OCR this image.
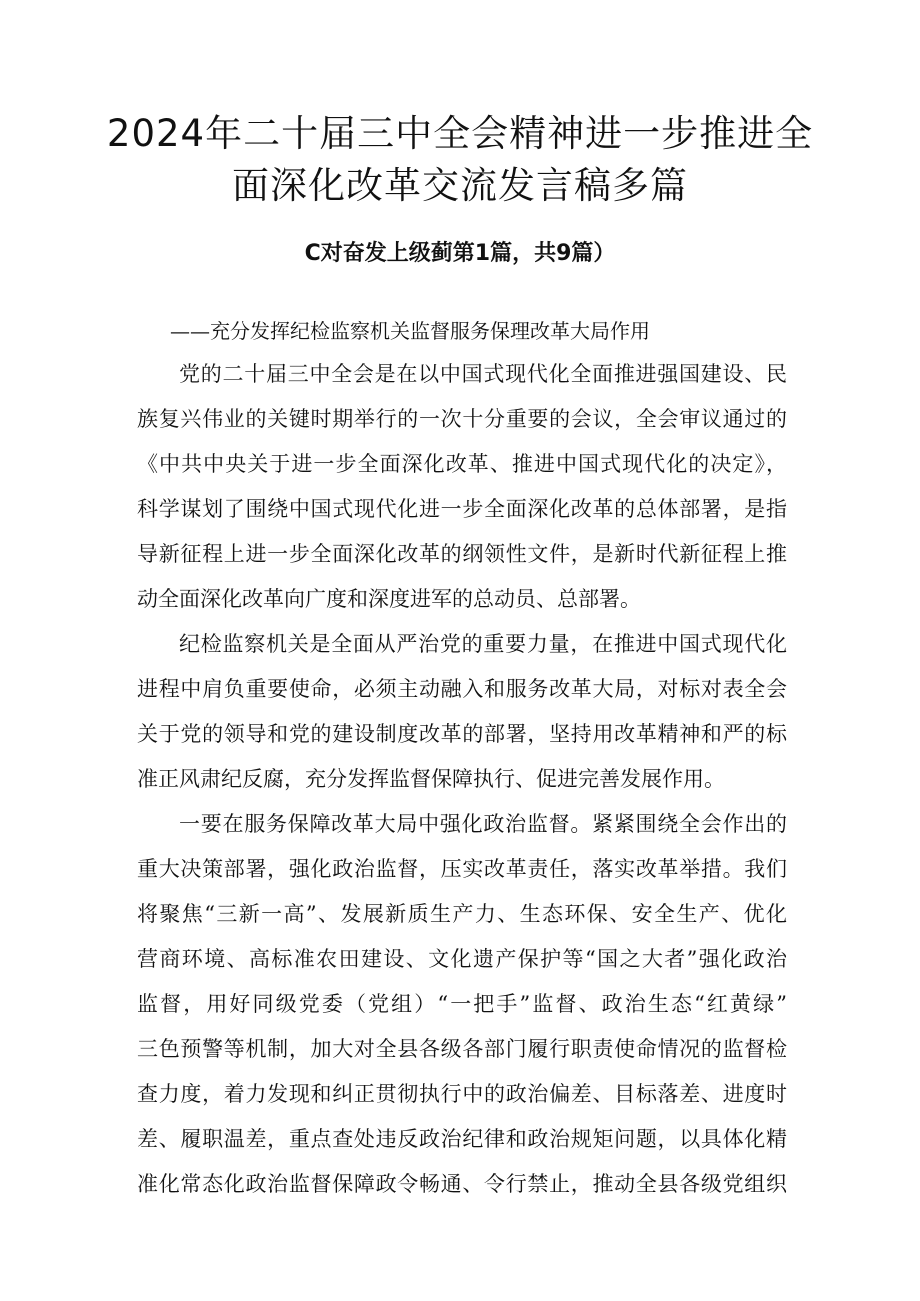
2024年二十届三中全会精神进一步推进全
面深化改革交流发言稿多篇
C对奋发上级蓟第1篇，共9篇）
——充分发挥纪检监察机关监督服务保理改革大局作用
党的二十届三中全会是在以中国式现代化全面推进强国建设、民
族复兴伟业的关键时期举行的一次十分重要的会议，全会审议通过的
《中共中央关于进一步全面深化改革、推进中国式现代化的决定》，
科学谋划了围绕中国式现代化进一步全面深化改革的总体部署，是指
导新征程上进一步全面深化改革的纲领性文件，是新时代新征程上推
动全面深化改革向广度和深度进军的总动员、总部署。
纪检监察机关是全面从严治党的重要力量，在推进中国式现代化
进程中肩负重要使命，必须主动融入和服务改革大局，对标对表全会
关于党的领导和党的建设制度改革的部署，坚持用改革精神和严的标
准正风肃纪反腐，充分发挥监督保障执行、促进完善发展作用。
一要在服务保障改革大局中强化政治监督。紧紧围绕全会作出的
重大决策部署，强化政治监督，压实改革责任，落实改革举措。我们
将聚焦“三新一高”、发展新质生产力、生态环保、安全生产、优化
营商环境、高标准农田建设、文化遗产保护等“国之大者”强化政治
监督，用好同级党委（党组）“一把手”监督、政治生态“红黄绿”
三色预警等机制，加大对全县各级各部门履行职责使命情况的监督检
查力度，着力发现和纠正贯彻执行中的政治偏差、目标落差、进度时
差、履职温差，重点查处违反政治纪律和政治规矩问题，以具体化精
准化常态化政治监督保障政令畅通、令行禁止，推动全县各级党组织
